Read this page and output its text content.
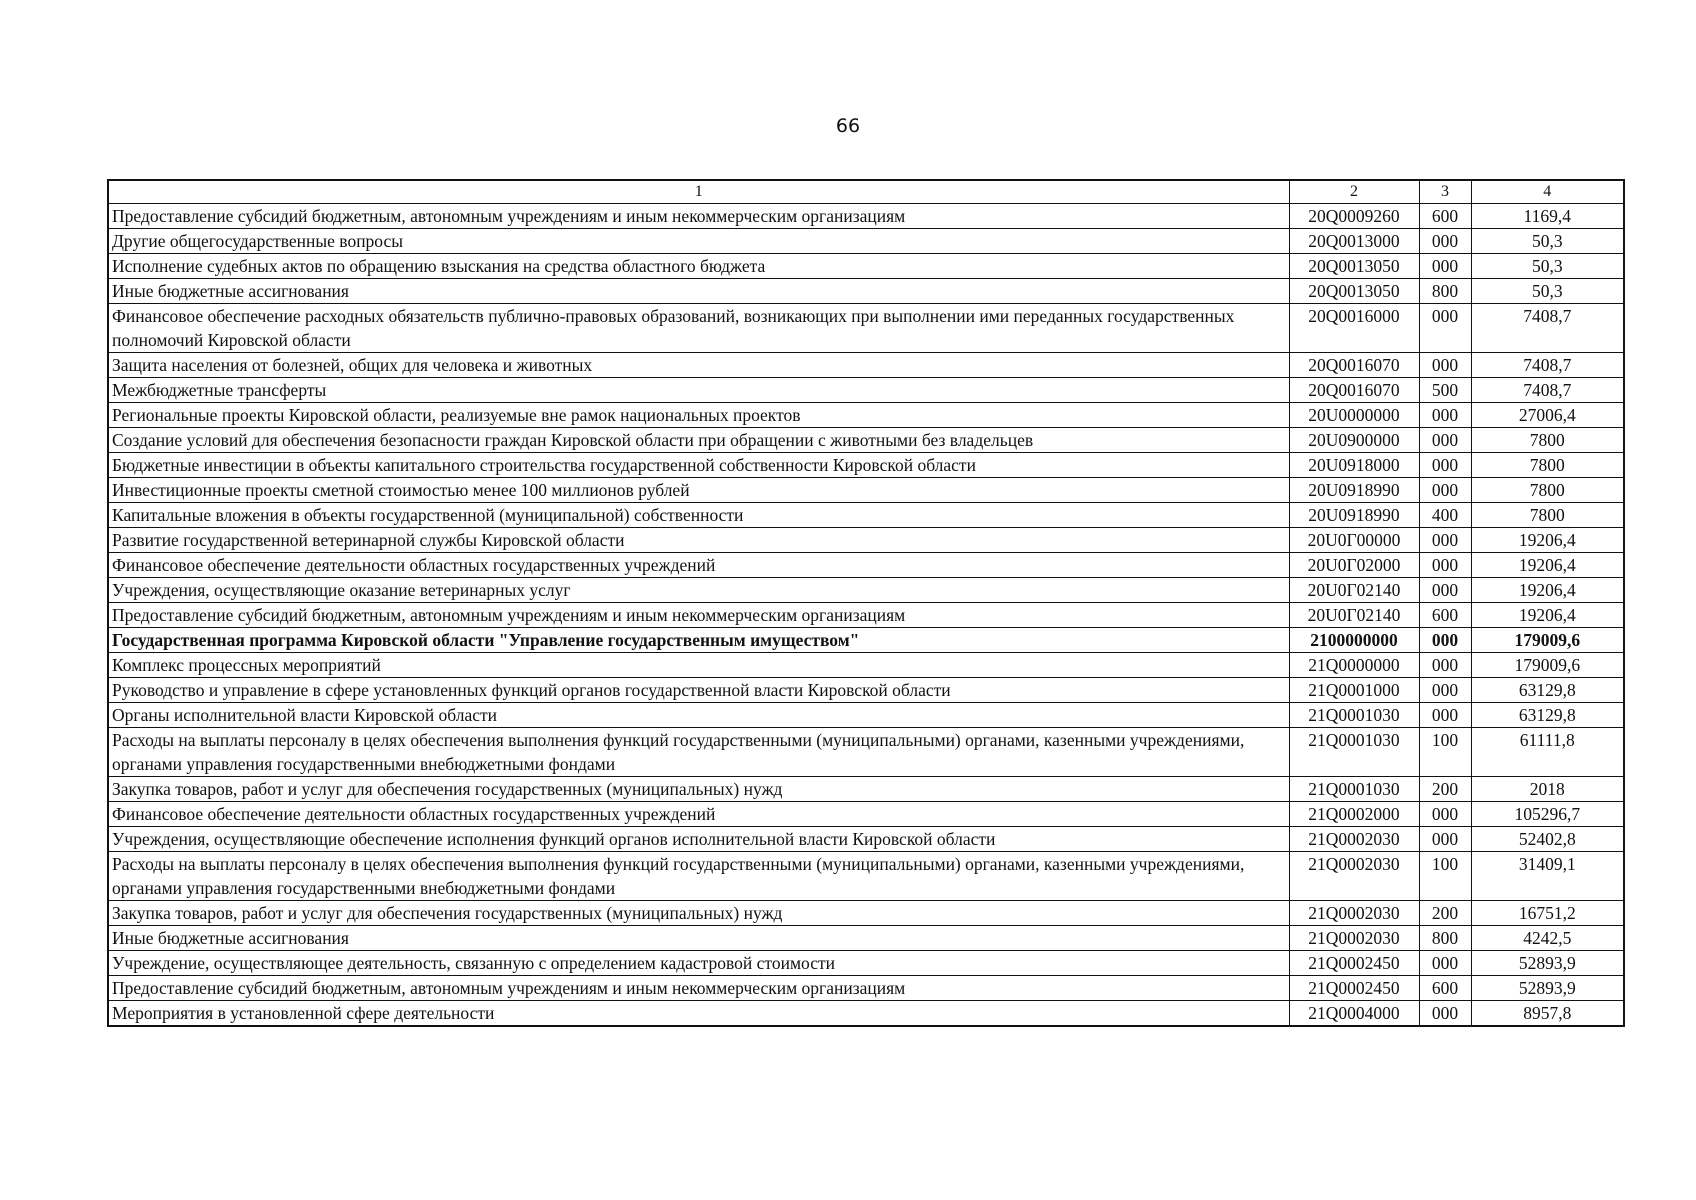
66
1	2	3	4
Предоставление субсидий бюджетным, автономным учреждениям и иным некоммерческим организациям	20Q0009260	600	1169,4
Другие общегосударственные вопросы	20Q0013000	000	50,3
Исполнение судебных актов по обращению взыскания на средства областного бюджета	20Q0013050	000	50,3
Иные бюджетные ассигнования	20Q0013050	800	50,3
Финансовое обеспечение расходных обязательств публично-правовых образований, возникающих при выполнении ими переданных государственных полномочий Кировской области	20Q0016000	000	7408,7
Защита населения от болезней, общих для человека и животных	20Q0016070	000	7408,7
Межбюджетные трансферты	20Q0016070	500	7408,7
Региональные проекты Кировской области, реализуемые вне рамок национальных проектов	20U0000000	000	27006,4
Создание условий для обеспечения безопасности граждан Кировской области при обращении с животными без владельцев	20U0900000	000	7800
Бюджетные инвестиции в объекты капитального строительства государственной собственности Кировской области	20U0918000	000	7800
Инвестиционные проекты сметной стоимостью менее 100 миллионов рублей	20U0918990	000	7800
Капитальные вложения в объекты государственной (муниципальной) собственности	20U0918990	400	7800
Развитие государственной ветеринарной службы Кировской области	20U0Г00000	000	19206,4
Финансовое обеспечение деятельности областных государственных учреждений	20U0Г02000	000	19206,4
Учреждения, осуществляющие оказание ветеринарных услуг	20U0Г02140	000	19206,4
Предоставление субсидий бюджетным, автономным учреждениям и иным некоммерческим организациям	20U0Г02140	600	19206,4
Государственная программа Кировской области "Управление государственным имуществом"	2100000000	000	179009,6
Комплекс процессных мероприятий	21Q0000000	000	179009,6
Руководство и управление в сфере установленных функций органов государственной власти Кировской области	21Q0001000	000	63129,8
Органы исполнительной власти Кировской области	21Q0001030	000	63129,8
Расходы на выплаты персоналу в целях обеспечения выполнения функций государственными (муниципальными) органами, казенными учреждениями, органами управления государственными внебюджетными фондами	21Q0001030	100	61111,8
Закупка товаров, работ и услуг для обеспечения государственных (муниципальных) нужд	21Q0001030	200	2018
Финансовое обеспечение деятельности областных государственных учреждений	21Q0002000	000	105296,7
Учреждения, осуществляющие обеспечение исполнения функций органов исполнительной власти Кировской области	21Q0002030	000	52402,8
Расходы на выплаты персоналу в целях обеспечения выполнения функций государственными (муниципальными) органами, казенными учреждениями, органами управления государственными внебюджетными фондами	21Q0002030	100	31409,1
Закупка товаров, работ и услуг для обеспечения государственных (муниципальных) нужд	21Q0002030	200	16751,2
Иные бюджетные ассигнования	21Q0002030	800	4242,5
Учреждение, осуществляющее деятельность, связанную с определением кадастровой стоимости	21Q0002450	000	52893,9
Предоставление субсидий бюджетным, автономным учреждениям и иным некоммерческим организациям	21Q0002450	600	52893,9
Мероприятия в установленной сфере деятельности	21Q0004000	000	8957,8
